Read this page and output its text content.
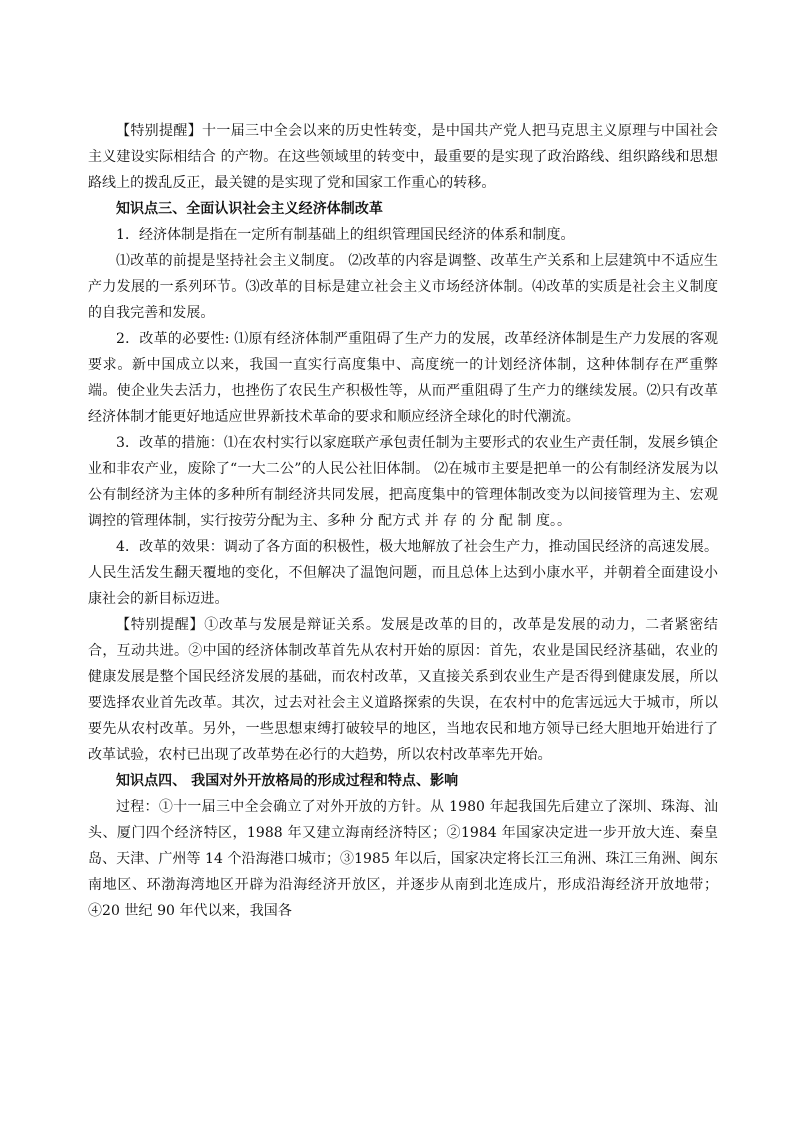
【特别提醒】十一届三中全会以来的历史性转变，是中国共产党人把马克思主义原理与中国社会主义建设实际相结合 的产物。在这些领域里的转变中，最重要的是实现了政治路线、组织路线和思想路线上的拨乱反正，最关键的是实现了党和国家工作重心的转移。

知识点三、全面认识社会主义经济体制改革

1．经济体制是指在一定所有制基础上的组织管理国民经济的体系和制度。

⑴改革的前提是坚持社会主义制度。 ⑵改革的内容是调整、改革生产关系和上层建筑中不适应生产力发展的一系列环节。⑶改革的目标是建立社会主义市场经济体制。⑷改革的实质是社会主义制度的自我完善和发展。

2．改革的必要性: ⑴原有经济体制严重阻碍了生产力的发展，改革经济体制是生产力发展的客观要求。新中国成立以来，我国一直实行高度集中、高度统一的计划经济体制，这种体制存在严重弊端。使企业失去活力，也挫伤了农民生产积极性等，从而严重阻碍了生产力的继续发展。⑵只有改革经济体制才能更好地适应世界新技术革命的要求和顺应经济全球化的时代潮流。

3．改革的措施：⑴在农村实行以家庭联产承包责任制为主要形式的农业生产责任制，发展乡镇企业和非农产业，废除了“一大二公”的人民公社旧体制。 ⑵在城市主要是把单一的公有制经济发展为以公有制经济为主体的多种所有制经济共同发展，把高度集中的管理体制改变为以间接管理为主、宏观调控的管理体制，实行按劳分配为主、多种 分 配方式 并 存 的 分 配 制 度。。

4．改革的效果：调动了各方面的积极性，极大地解放了社会生产力，推动国民经济的高速发展。人民生活发生翻天覆地的变化，不但解决了温饱问题，而且总体上达到小康水平，并朝着全面建设小康社会的新目标迈进。

【特别提醒】①改革与发展是辩证关系。发展是改革的目的，改革是发展的动力，二者紧密结合，互动共进。②中国的经济体制改革首先从农村开始的原因：首先，农业是国民经济基础，农业的健康发展是整个国民经济发展的基础，而农村改革，又直接关系到农业生产是否得到健康发展，所以要选择农业首先改革。其次，过去对社会主义道路探索的失误，在农村中的危害远远大于城市，所以要先从农村改革。另外，一些思想束缚打破较早的地区，当地农民和地方领导已经大胆地开始进行了改革试验，农村已出现了改革势在必行的大趋势，所以农村改革率先开始。

知识点四、 我国对外开放格局的形成过程和特点、影响

过程：①十一届三中全会确立了对外开放的方针。从 1980 年起我国先后建立了深圳、珠海、汕头、厦门四个经济特区，1988 年又建立海南经济特区；②1984 年国家决定进一步开放大连、秦皇岛、天津、广州等 14 个沿海港口城市；③1985 年以后，国家决定将长江三角洲、珠江三角洲、闽东南地区、环渤海湾地区开辟为沿海经济开放区，并逐步从南到北连成片，形成沿海经济开放地带；④20 世纪 90 年代以来，我国各
